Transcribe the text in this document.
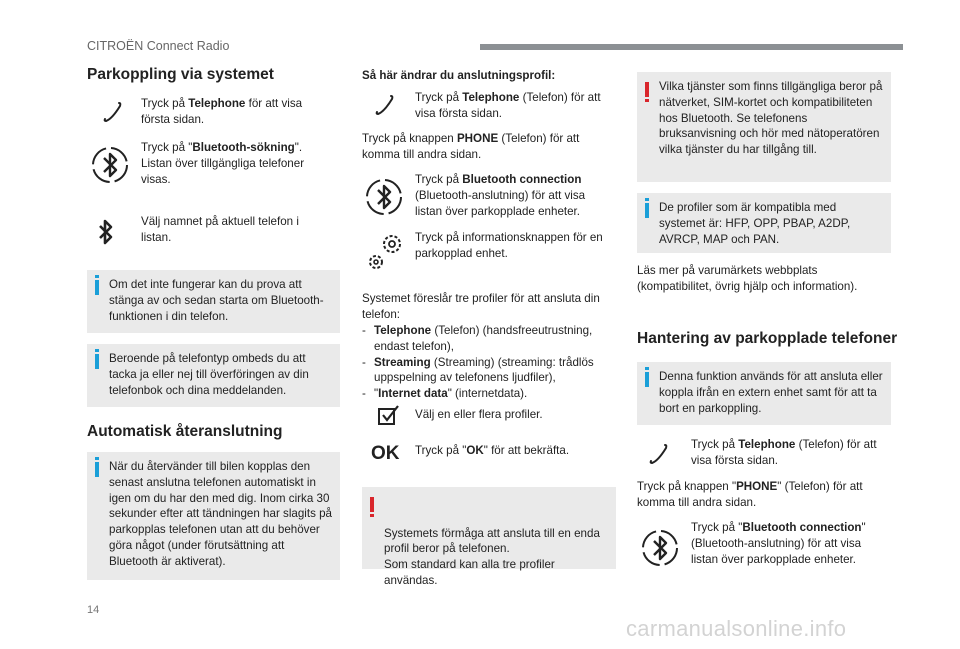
CITROËN Connect Radio
Parkoppling via systemet
Tryck på Telephone för att visa första sidan.
Tryck på "Bluetooth-sökning". Listan över tillgängliga telefoner visas.
Välj namnet på aktuell telefon i listan.
Om det inte fungerar kan du prova att stänga av och sedan starta om Bluetooth-funktionen i din telefon.
Beroende på telefontyp ombeds du att tacka ja eller nej till överföringen av din telefonbok och dina meddelanden.
Automatisk återanslutning
När du återvänder till bilen kopplas den senast anslutna telefonen automatiskt in igen om du har den med dig. Inom cirka 30 sekunder efter att tändningen har slagits på parkopplas telefonen utan att du behöver göra något (under förutsättning att Bluetooth är aktiverat).
Så här ändrar du anslutningsprofil:
Tryck på Telephone (Telefon) för att visa första sidan.
Tryck på knappen PHONE (Telefon) för att komma till andra sidan.
Tryck på Bluetooth connection (Bluetooth-anslutning) för att visa listan över parkopplade enheter.
Tryck på informationsknappen för en parkopplad enhet.
Systemet föreslår tre profiler för att ansluta din telefon:
- Telephone (Telefon) (handsfreeutrustning, endast telefon),
- Streaming (Streaming) (streaming: trådlös uppspelning av telefonens ljudfiler),
- "Internet data" (internetdata).
Välj en eller flera profiler.
OK Tryck på "OK" för att bekräfta.

Systemets förmåga att ansluta till en enda profil beror på telefonen.
Som standard kan alla tre profiler användas.

Vilka tjänster som finns tillgängliga beror på nätverket, SIM-kortet och kompatibiliteten hos Bluetooth. Se telefonens bruksanvisning och hör med nätoperatören vilka tjänster du har tillgång till.
De profiler som är kompatibla med systemet är: HFP, OPP, PBAP, A2DP, AVRCP, MAP och PAN.
Läs mer på varumärkets webbplats (kompatibilitet, övrig hjälp och information).
Hantering av parkopplade telefoner
Denna funktion används för att ansluta eller koppla ifrån en extern enhet samt för att ta bort en parkoppling.
Tryck på Telephone (Telefon) för att visa första sidan.
Tryck på knappen "PHONE" (Telefon) för att komma till andra sidan.
Tryck på "Bluetooth connection" (Bluetooth-anslutning) för att visa listan över parkopplade enheter.
14
carmanualsonline.info
